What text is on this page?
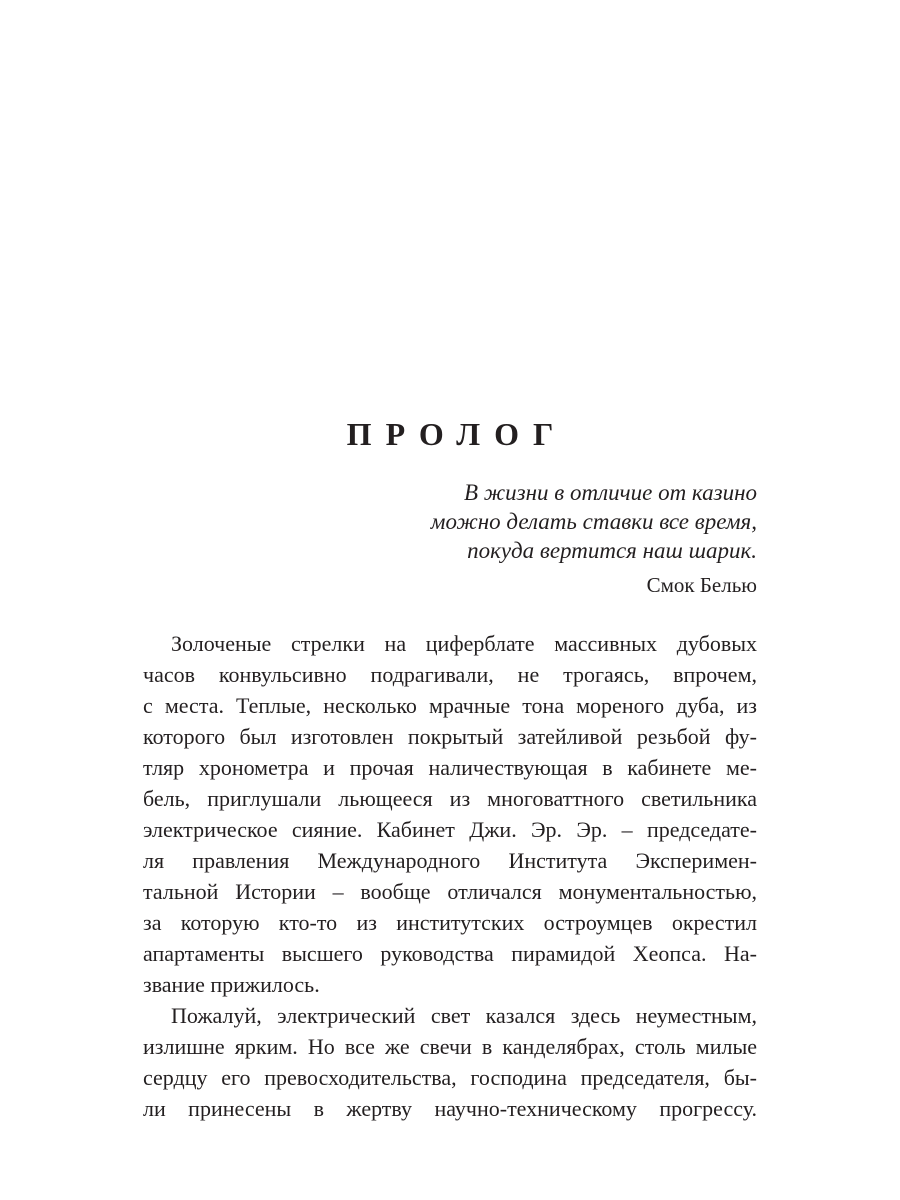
ПРОЛОГ
В жизни в отличие от казино
можно делать ставки все время,
покуда вертится наш шарик.
Смок Белью
Золоченые стрелки на циферблате массивных дубовых
часов конвульсивно подрагивали, не трогаясь, впрочем,
с места. Теплые, несколько мрачные тона мореного дуба, из
которого был изготовлен покрытый затейливой резьбой фу-
тляр хронометра и прочая наличествующая в кабинете ме-
бель, приглушали льющееся из многоваттного светильника
электрическое сияние. Кабинет Джи. Эр. Эр. – председате-
ля правления Международного Института Эксперимен-
тальной Истории – вообще отличался монументальностью,
за которую кто-то из институтских остроумцев окрестил
апартаменты высшего руководства пирамидой Хеопса. На-
звание прижилось.
Пожалуй, электрический свет казался здесь неуместным,
излишне ярким. Но все же свечи в канделябрах, столь милые
сердцу его превосходительства, господина председателя, бы-
ли принесены в жертву научно-техническому прогрессу.
